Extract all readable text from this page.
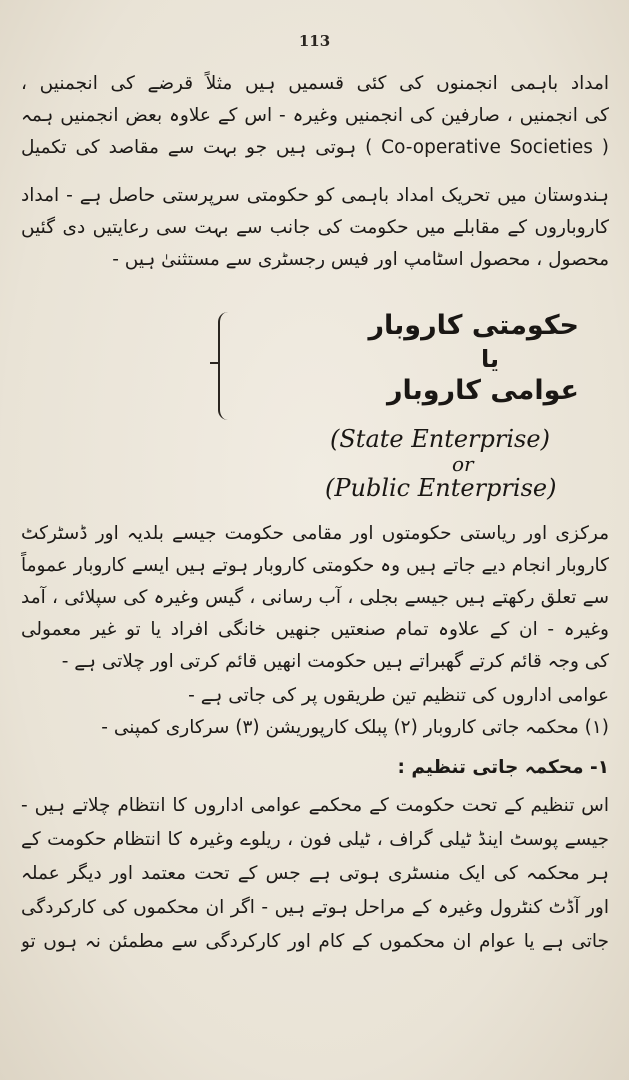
113
امداد باہمی انجمنوں کی کئی قسمیں ہیں مثلاً قرضے کی انجمنیں ،
کی انجمنیں ، صارفین کی انجمنیں وغیرہ - اس کے علاوہ بعض انجمنیں ہمہ
( Co-operative Societies ) ہوتی ہیں جو بہت سے مقاصد کی تکمیل
ہندوستان میں تحریک امداد باہمی کو حکومتی سرپرستی حاصل ہے - امداد
کاروباروں کے مقابلے میں حکومت کی جانب سے بہت سی رعایتیں دی گئیں
محصول ، محصول اسٹامپ اور فیس رجسٹری سے مستثنیٰ ہیں -
حکومتی کاروبار
یا
عوامی کاروبار
(State Enterprise)
or
(Public Enterprise)
مرکزی اور ریاستی حکومتوں اور مقامی حکومت جیسے بلدیہ اور ڈسٹرکٹ
کاروبار انجام دیے جاتے ہیں وہ حکومتی کاروبار ہوتے ہیں ایسے کاروبار عموماً
سے تعلق رکھتے ہیں جیسے بجلی ، آب رسانی ، گیس وغیرہ کی سپلائی ، آمد
وغیرہ - ان کے علاوہ تمام صنعتیں جنھیں خانگی افراد یا تو غیر معمولی
کی وجہ قائم کرتے گھبراتے ہیں حکومت انھیں قائم کرتی اور چلاتی ہے -
عوامی اداروں کی تنظیم تین طریقوں پر کی جاتی ہے -
(۱) محکمہ جاتی کاروبار (۲) پبلک کارپوریشن (۳) سرکاری کمپنی -
۱- محکمہ جاتی تنظیم :
اس تنظیم کے تحت حکومت کے محکمے عوامی اداروں کا انتظام چلاتے ہیں -
جیسے پوسٹ اینڈ ٹیلی گراف ، ٹیلی فون ، ریلوے وغیرہ کا انتظام حکومت کے
ہر محکمہ کی ایک منسٹری ہوتی ہے جس کے تحت معتمد اور دیگر عملہ
اور آڈٹ کنٹرول وغیرہ کے مراحل ہوتے ہیں - اگر ان محکموں کی کارکردگی
جاتی ہے یا عوام ان محکموں کے کام اور کارکردگی سے مطمئن نہ ہوں تو
